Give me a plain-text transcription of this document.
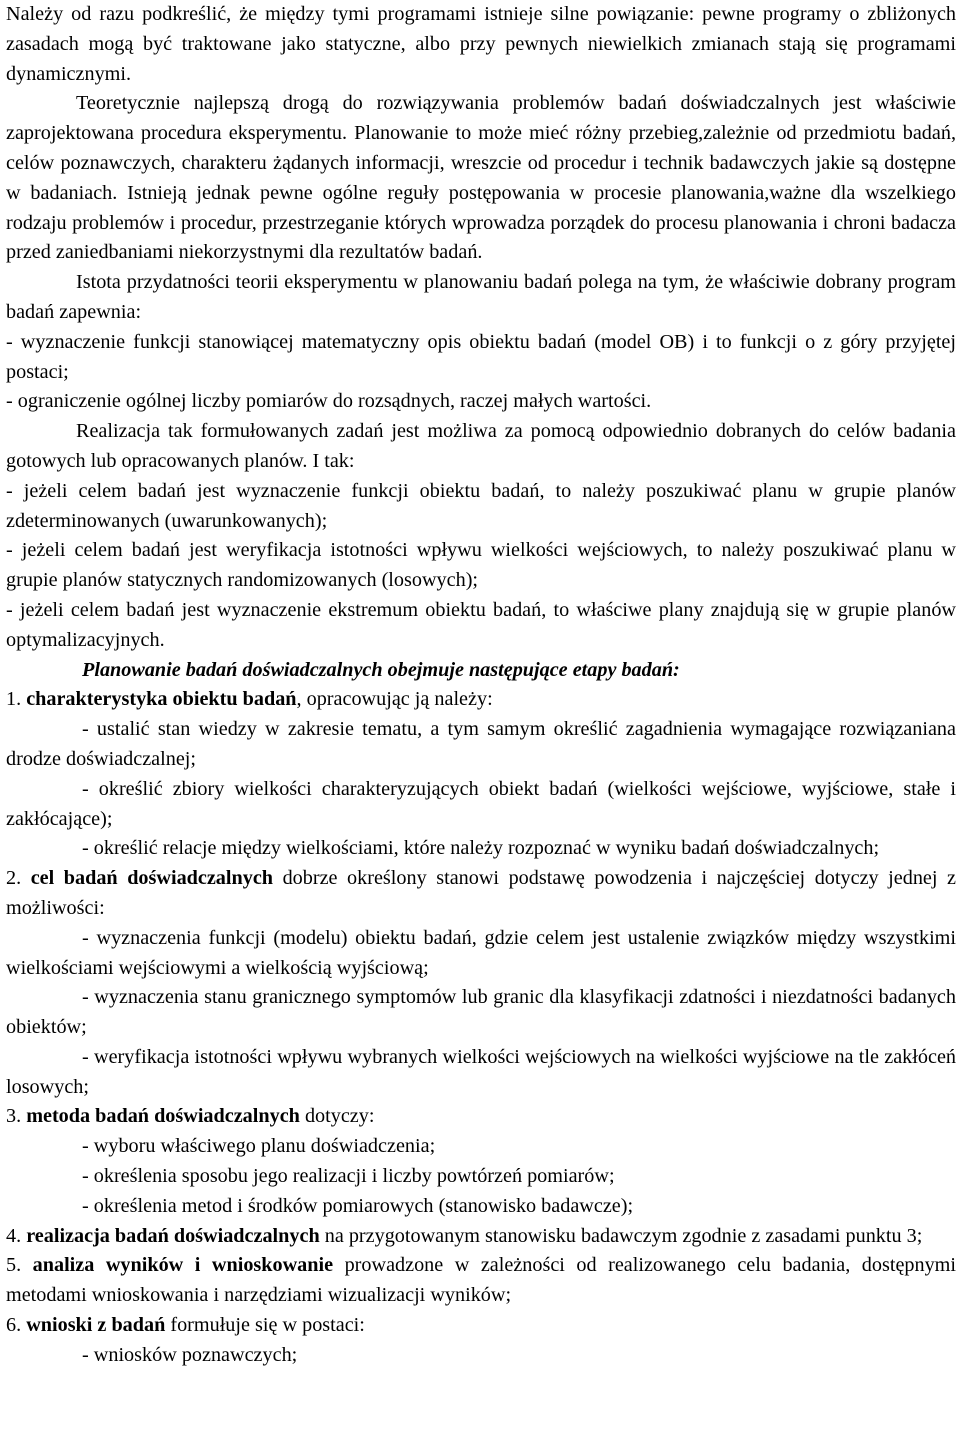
Należy od razu podkreślić, że między tymi programami istnieje silne powiązanie: pewne programy o zbliżonych zasadach mogą być traktowane jako statyczne, albo przy pewnych niewielkich zmianach stają się programami dynamicznymi.

Teoretycznie najlepszą drogą do rozwiązywania problemów badań doświadczalnych jest właściwie zaprojektowana procedura eksperymentu. Planowanie to może mieć różny przebieg,zależnie od przedmiotu badań, celów poznawczych, charakteru żądanych informacji, wreszcie od procedur i technik badawczych jakie są dostępne w badaniach. Istnieją jednak pewne ogólne reguły postępowania w procesie planowania,ważne dla wszelkiego rodzaju problemów i procedur, przestrzeganie których wprowadza porządek do procesu planowania i chroni badacza przed zaniedbaniami niekorzystnymi dla rezultatów badań.

Istota przydatności teorii eksperymentu w planowaniu badań polega na tym, że właściwie dobrany program badań zapewnia:

- wyznaczenie funkcji stanowiącej matematyczny opis obiektu badań (model OB) i to funkcji o z góry przyjętej postaci;

- ograniczenie ogólnej liczby pomiarów do rozsądnych, raczej małych wartości.

Realizacja tak formułowanych zadań jest możliwa za pomocą odpowiednio dobranych do celów badania gotowych lub opracowanych planów. I tak:

- jeżeli celem badań jest wyznaczenie funkcji obiektu badań, to należy poszukiwać planu w grupie planów zdeterminowanych (uwarunkowanych);

- jeżeli celem badań jest weryfikacja istotności wpływu wielkości wejściowych, to należy poszukiwać planu w grupie planów statycznych randomizowanych (losowych);

- jeżeli celem badań jest wyznaczenie ekstremum obiektu badań, to właściwe plany znajdują się w grupie planów optymalizacyjnych.

Planowanie badań doświadczalnych obejmuje następujące etapy badań:

1. charakterystyka obiektu badań, opracowując ją należy:

- ustalić stan wiedzy w zakresie tematu, a tym samym określić zagadnienia wymagające rozwiązaniana drodze doświadczalnej;

- określić zbiory wielkości charakteryzujących obiekt badań (wielkości wejściowe, wyjściowe, stałe i zakłócające);

- określić relacje między wielkościami, które należy rozpoznać w wyniku badań doświadczalnych;

2. cel badań doświadczalnych dobrze określony stanowi podstawę powodzenia i najczęściej dotyczy jednej z możliwości:

- wyznaczenia funkcji (modelu) obiektu badań, gdzie celem jest ustalenie związków między wszystkimi wielkościami wejściowymi a wielkością wyjściową;

- wyznaczenia stanu granicznego symptomów lub granic dla klasyfikacji zdatności i niezdatności badanych obiektów;

- weryfikacja istotności wpływu wybranych wielkości wejściowych na wielkości wyjściowe na tle zakłóceń losowych;

3. metoda badań doświadczalnych dotyczy:

- wyboru właściwego planu doświadczenia;

- określenia sposobu jego realizacji i liczby powtórzeń pomiarów;

- określenia metod i środków pomiarowych (stanowisko badawcze);

4. realizacja badań doświadczalnych na przygotowanym stanowisku badawczym zgodnie z zasadami punktu 3;

5. analiza wyników i wnioskowanie prowadzone w zależności od realizowanego celu badania, dostępnymi metodami wnioskowania i narzędziami wizualizacji wyników;

6. wnioski z badań formułuje się w postaci:

- wniosków poznawczych;
